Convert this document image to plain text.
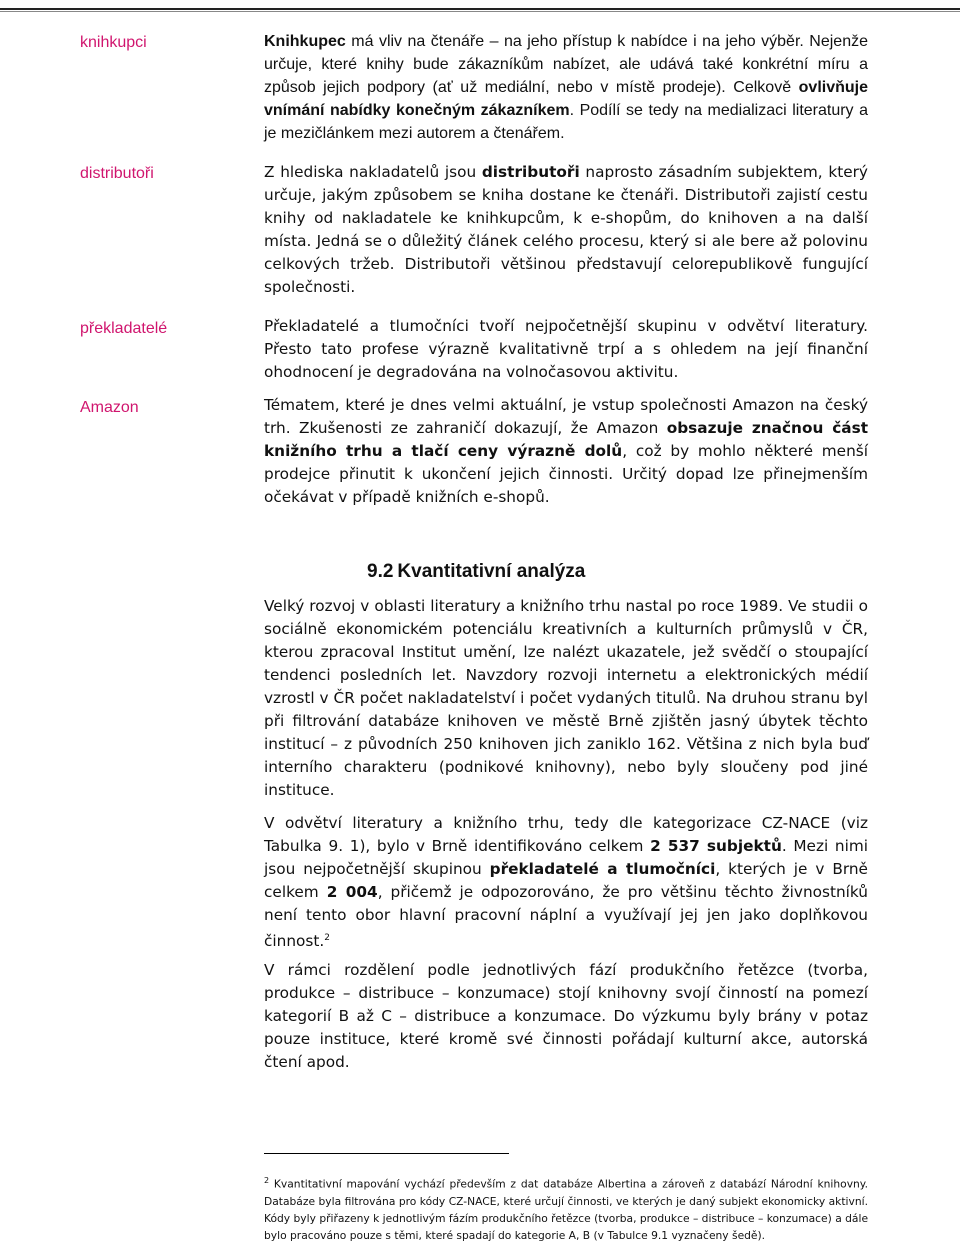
knihkupci
distributoři
překladatelé
Amazon

Knihkupec má vliv na čtenáře – na jeho přístup k nabídce i na jeho výběr. Nejenže určuje, které knihy bude zákazníkům nabízet, ale udává také konkrétní míru a způsob jejich podpory (ať už mediální, nebo v místě prodeje). Celkově ovlivňuje vnímání nabídky konečným zákazníkem. Podílí se tedy na medializaci literatury a je mezičlánkem mezi autorem a čtenářem.

Z hlediska nakladatelů jsou distributoři naprosto zásadním subjektem, který určuje, jakým způsobem se kniha dostane ke čtenáři. Distributoři zajistí cestu knihy od nakladatele ke knihkupcům, k e-shopům, do knihoven a na další místa. Jedná se o důležitý článek celého procesu, který si ale bere až polovinu celkových tržeb. Distributoři většinou představují celorepublikově fungující společnosti.

Překladatelé a tlumočníci tvoří nejpočetnější skupinu v odvětví literatury. Přesto tato profese výrazně kvalitativně trpí a s ohledem na její finanční ohodnocení je degradována na volnočasovou aktivitu.

Tématem, které je dnes velmi aktuální, je vstup společnosti Amazon na český trh. Zkušenosti ze zahraničí dokazují, že Amazon obsazuje značnou část knižního trhu a tlačí ceny výrazně dolů, což by mohlo některé menší prodejce přinutit k ukončení jejich činnosti. Určitý dopad lze přinejmenším očekávat v případě knižních e-shopů.

9.2 Kvantitativní analýza

Velký rozvoj v oblasti literatury a knižního trhu nastal po roce 1989. Ve studii o sociálně ekonomickém potenciálu kreativních a kulturních průmyslů v ČR, kterou zpracoval Institut umění, lze nalézt ukazatele, jež svědčí o stoupající tendenci posledních let. Navzdory rozvoji internetu a elektronických médií vzrostl v ČR počet nakladatelství i počet vydaných titulů. Na druhou stranu byl při filtrování databáze knihoven ve městě Brně zjištěn jasný úbytek těchto institucí – z původních 250 knihoven jich zaniklo 162. Většina z nich byla buď interního charakteru (podnikové knihovny), nebo byly sloučeny pod jiné instituce.

V odvětví literatury a knižního trhu, tedy dle kategorizace CZ-NACE (viz Tabulka 9. 1), bylo v Brně identifikováno celkem 2 537 subjektů. Mezi nimi jsou nejpočetnější skupinou překladatelé a tlumočníci, kterých je v Brně celkem 2 004, přičemž je odpozorováno, že pro většinu těchto živnostníků není tento obor hlavní pracovní náplní a využívají jej jen jako doplňkovou činnost.$^2$

V rámci rozdělení podle jednotlivých fází produkčního řetězce (tvorba, produkce – distribuce – konzumace) stojí knihovny svojí činností na pomezí kategorií B až C – distribuce a konzumace. Do výzkumu byly brány v potaz pouze instituce, které kromě své činnosti pořádají kulturní akce, autorská čtení apod.

$^2$ Kvantitativní mapování vychází především z dat databáze Albertina a zároveň z databází Národní knihovny. Databáze byla filtrována pro kódy CZ-NACE, které určují činnosti, ve kterých je daný subjekt ekonomicky aktivní. Kódy byly přiřazeny k jednotlivým fázím produkčního řetězce (tvorba, produkce – distribuce – konzumace) a dále bylo pracováno pouze s těmi, které spadají do kategorie A, B (v Tabulce 9.1 vyznačeny šedě).
